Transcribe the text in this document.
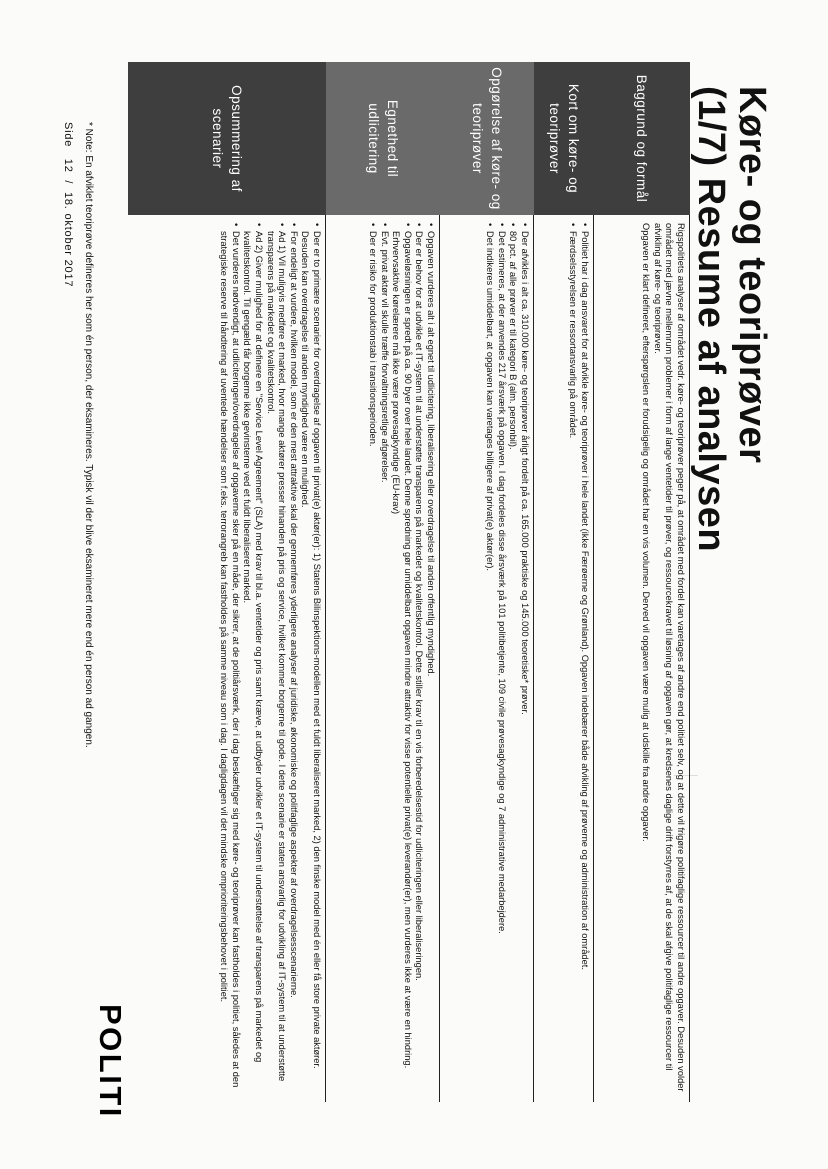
Køre- og teoriprøver
(1/7) Resume af analysen
Baggrund og formål

Rigspolitiets analyser af området vedr. køre- og teoriprøver peger på, at området med fordel kan varetages af andre end politiet selv, og at dette vil frigøre politifaglige ressourcer til andre opgaver. Desuden volder området med jævne mellemrum problemer i form af lange ventetider til prøver, og ressourcekravet til løsning af opgaven gør, at kredsenes daglige drift forstyrres af, at de skal afgive politifaglige ressourcer til afvikling af køre- og teoriprøver.

Opgaven er klart defineret, efterspørgslen er forudsigelig og området har en vis volumen. Derved vil opgaven være mulig at udskille fra andre opgaver.

Kort om køre- og teoriprøver
• Politiet har i dag ansvaret for at afvikle køre- og teoriprøver i hele landet (ikke Færøerne og Grønland). Opgaven indebærer både afvikling af prøverne og administration af området.
• Færdselsstyrelsen er ressortansvarlig på området.
Opgørelse af køre- og teoriprøver
• Der afvikles i alt ca. 310.000 køre- og teoriprøver årligt fordelt på ca. 165.000 praktiske og 145.000 teoretiske* prøver.
• 80 pct. af alle prøver er til kategori B (alm. personbil).
• Det estimeres, at der anvendes 217 årsværk på opgaven. I dag fordeles disse årsværk på 101 politibetjente, 109 civile prøvesagkyndige og 7 administrative medarbejdere.
• Det indikeres umiddelbart, at opgaven kan varetages billigere af privat(e) aktør(er).
Egnethed til udlicitering
• Opgaven vurderes alt i alt egnet til udlicitering, liberalisering eller overdragelse til anden offentlig myndighed.
• Der er behov for at udvikle et IT-system til at understøtte transparens på markedet og kvalitetskontrol. Dette stiller krav til en vis forberedelsestid for udliciteringen eller liberaliseringen.
• Opgaveløsningen er spredt på ca. 90 byer over hele landet. Denne spredning gør umiddelbart opgaven mindre attraktiv for visse potentielle privat(e) leverandør(er), men vurderes ikke at være en hindring. Erhvervsaktive kørelærere må ikke være prøvesagkyndige (EU-krav)
• Evt. privat aktør vil skulle træffe forvaltningsretlige afgørelser.
• Der er risiko for produktionstab i transitionsperioden.
Opsummering af scenarier
• Der er to primære scenarier for overdragelse af opgaven til privat(e) aktør(er): 1) Statens Bilinspektions-modellen med et fuldt liberaliseret marked, 2) den finske model med én eller få store private aktører. Desuden kan overdragelse til anden myndighed være en mulighed.
• For endeligt at vurdere, hvilken model, som er den mest attraktive skal der gennemføres yderligere analyser af juridiske, økonomiske og politfaglige aspekter af overdragelsesscenarierne.
• Ad 1) Vil muligvis medføre et marked, hvor mange aktører presser hinanden på pris og service, hvilket kommer borgerne til gode. I dette scenarie er staten ansvarlig for udvikling af IT-system til at understøtte transparens på markedet og kvalitetskontrol.
• Ad 2) Giver mulighed for at definere en "Service Level Agreement" (SLA) med krav til bl.a. ventetider og pris samt kræve, at udbyder udvikler et IT-system til understøttelse af transparens på markedet og kvalitetskontrol. Til gengæld får borgerne ikke gevinsterne ved et fuldt liberaliseret marked.
• Det vurderes nødvendigt, at udliciteringen/overdragelse af opgaverne sker på en måde, der sikrer, at de politiårsværk, der i dag beskæftiger sig med køre- og teoriprøver kan fastholdes i politiet, således at den strategiske reserve til håndtering af uventede hændelser som f.eks. terrorangreb kan fastholdes på samme niveau som i dag. I dagligdagen vil det mindske omprioriteringsbehovet i politiet.
POLITI
* Note: En afviklet teoriprøve defineres her som én person, der eksamineres. Typisk vil der blive eksamineret mere end én person ad gangen.
Side   12  /  18. oktober 2017
